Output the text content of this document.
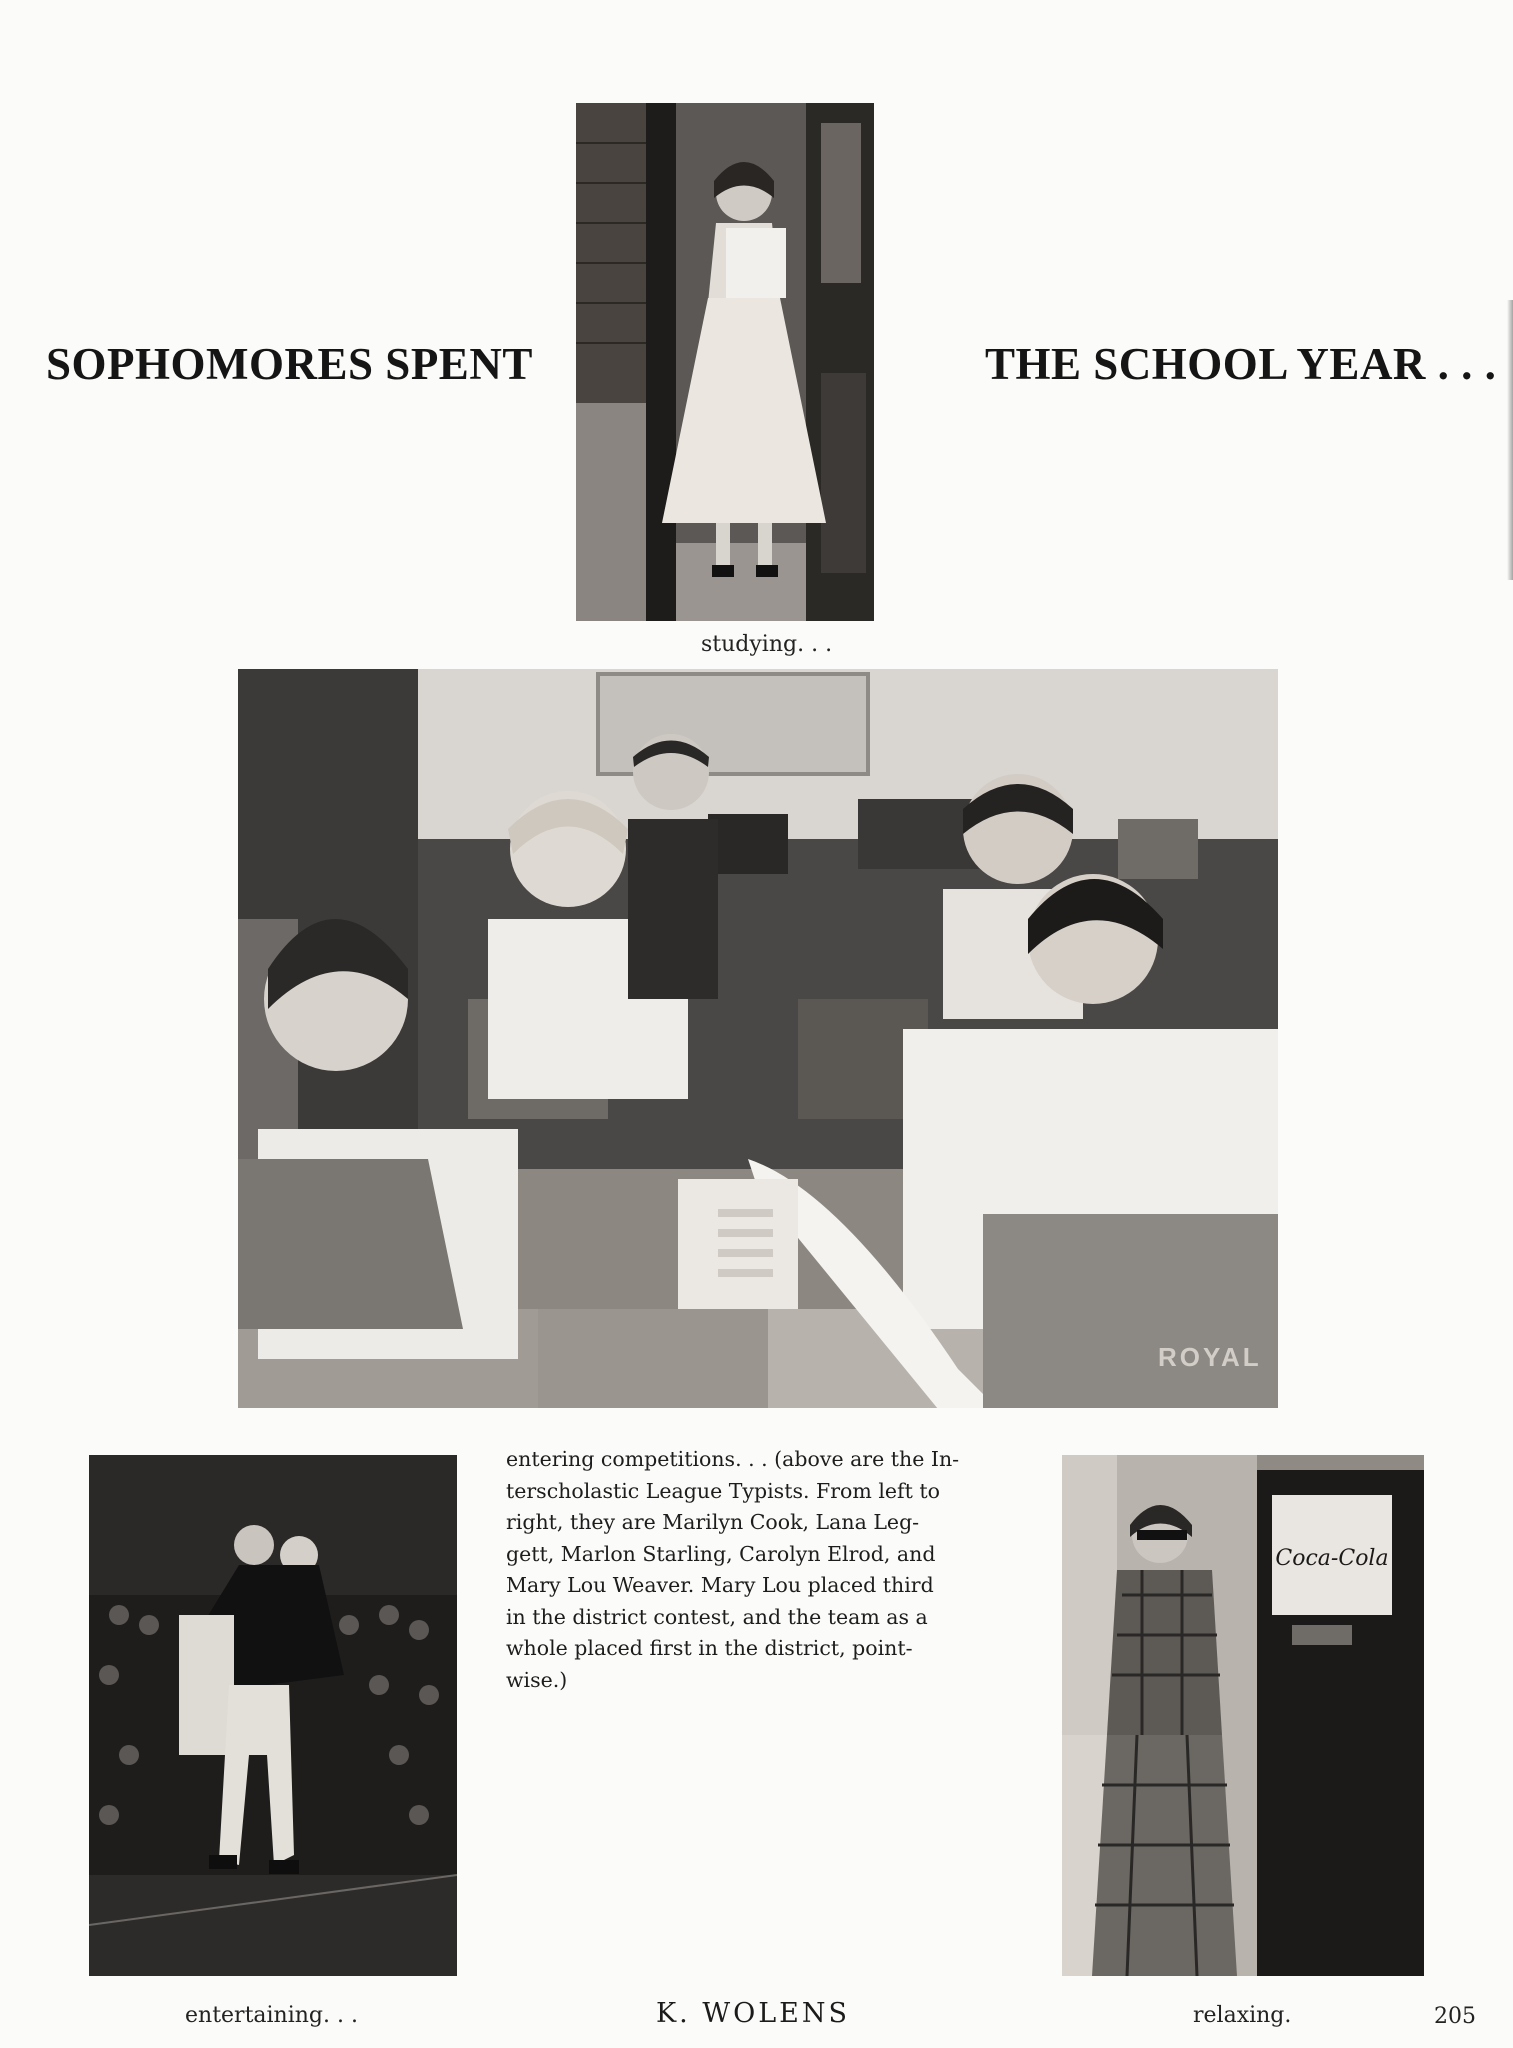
SOPHOMORES SPENT	THE SCHOOL YEAR . . .
studying. . .
ROYAL
entertaining. . .
entering competitions. . . (above are the In-
terscholastic League Typists. From left to
right, they are Marilyn Cook, Lana Leg-
gett, Marlon Starling, Carolyn Elrod, and
Mary Lou Weaver. Mary Lou placed third
in the district contest, and the team as a
whole placed first in the district, point-
wise.)
Coca-Cola
relaxing.
K. WOLENS	205
